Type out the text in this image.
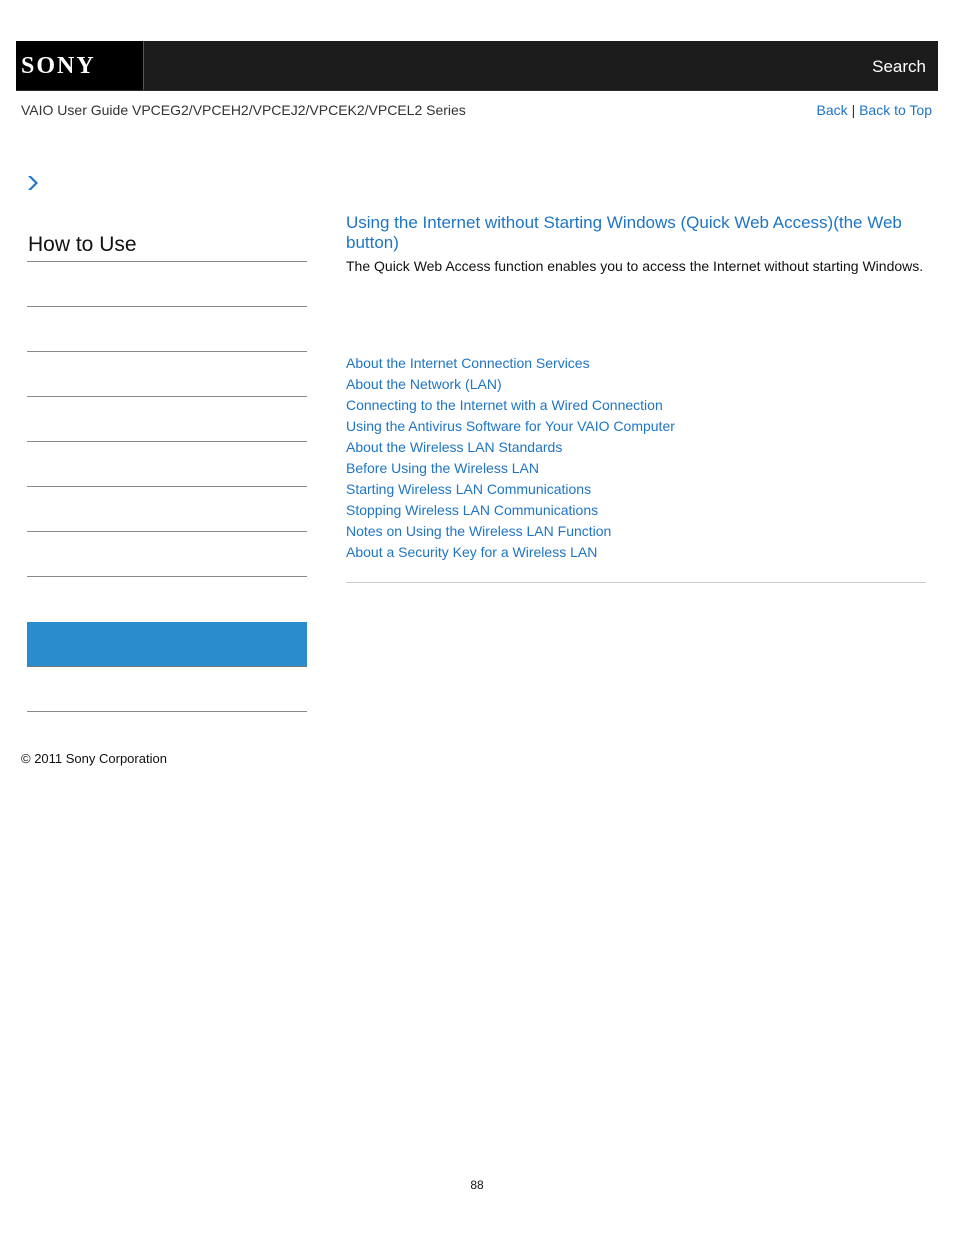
SONY	Search
VAIO User Guide VPCEG2/VPCEH2/VPCEJ2/VPCEK2/VPCEL2 Series	Back | Back to Top
How to Use
Using the Internet without Starting Windows (Quick Web Access)(the Web button)

The Quick Web Access function enables you to access the Internet without starting Windows.

About the Internet Connection Services
About the Network (LAN)
Connecting to the Internet with a Wired Connection
Using the Antivirus Software for Your VAIO Computer
About the Wireless LAN Standards
Before Using the Wireless LAN
Starting Wireless LAN Communications
Stopping Wireless LAN Communications
Notes on Using the Wireless LAN Function
About a Security Key for a Wireless LAN
© 2011 Sony Corporation
88
